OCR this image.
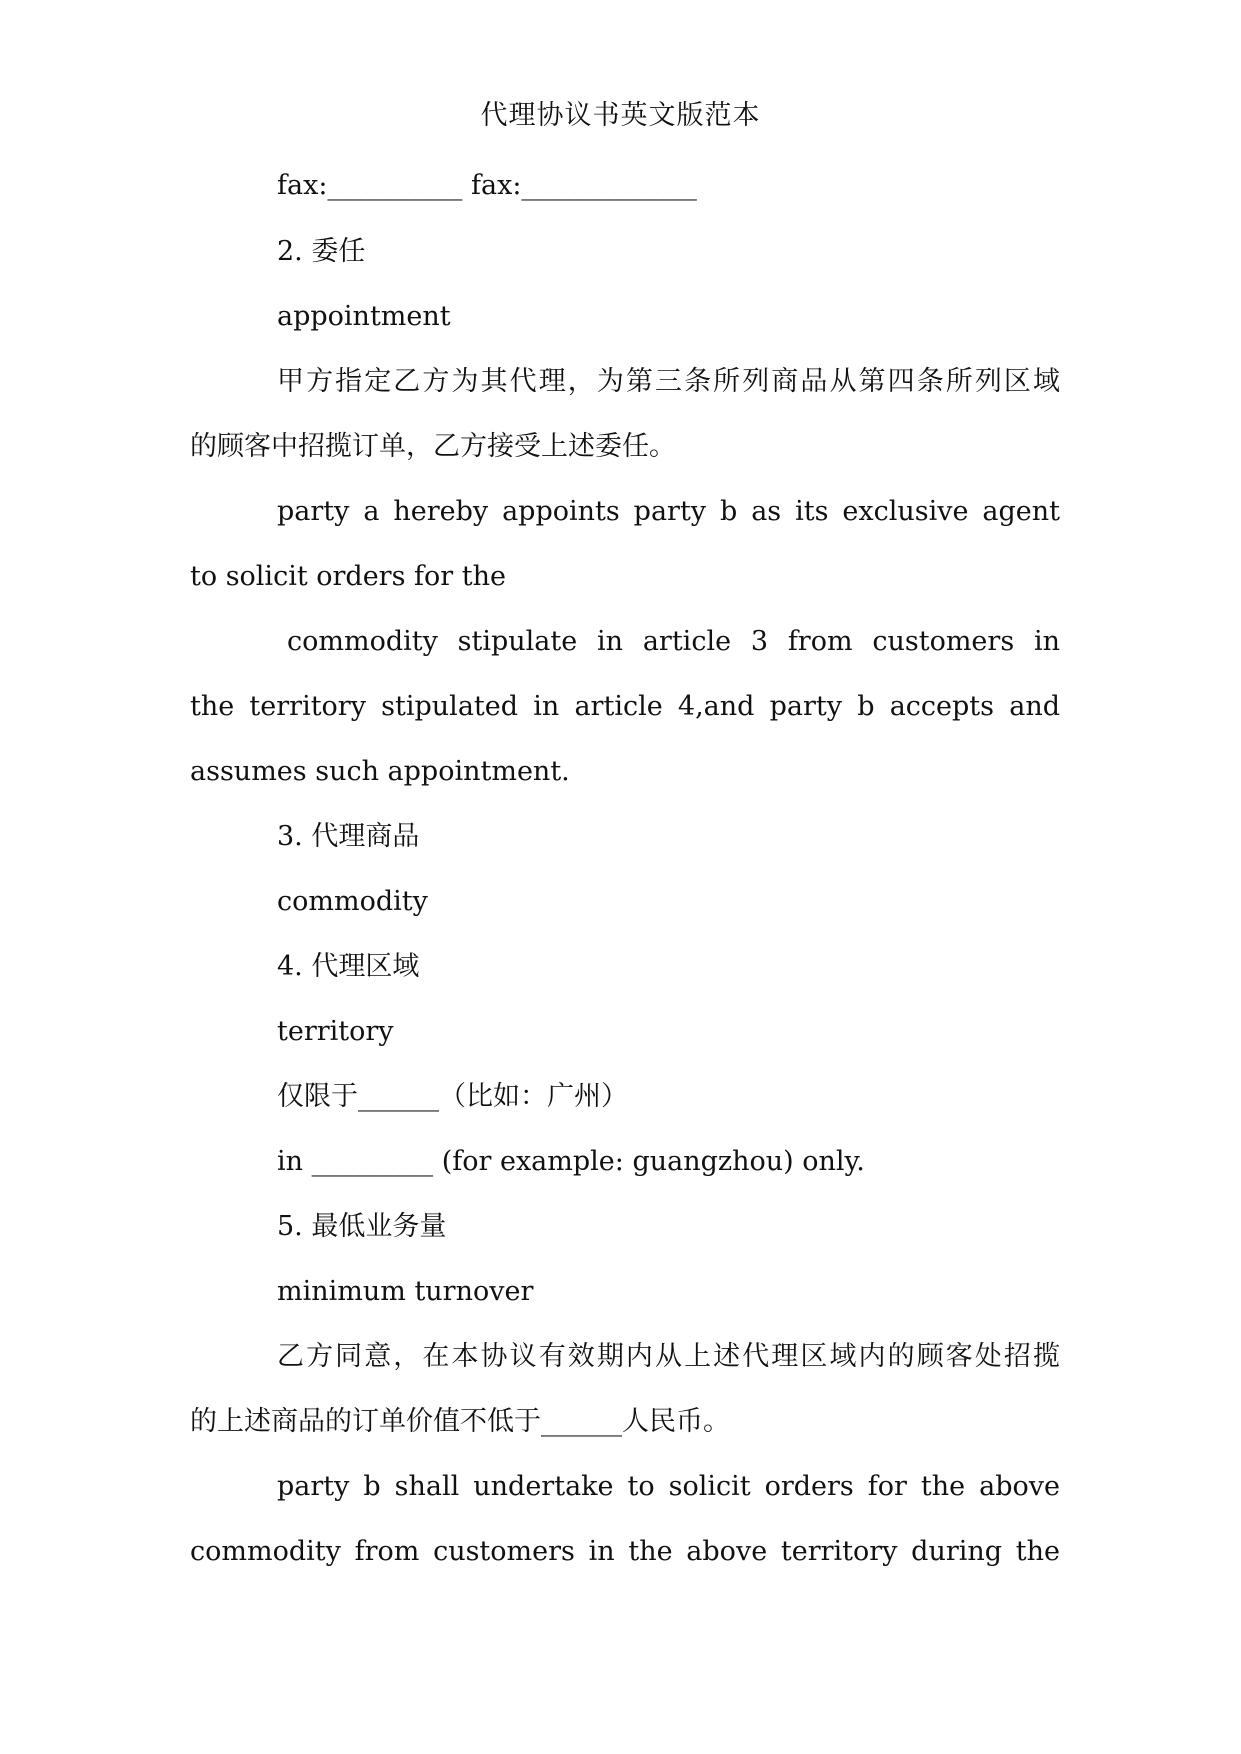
代理协议书英文版范本
fax:__________ fax:_____________
2. 委任
appointment
甲方指定乙方为其代理，为第三条所列商品从第四条所列区域
的顾客中招揽订单，乙方接受上述委任。
party a hereby appoints party b as its exclusive agent
to solicit orders for the
commodity stipulate in article 3 from customers in
the territory stipulated in article 4,and party b accepts and
assumes such appointment.
3. 代理商品
commodity
4. 代理区域
territory
仅限于______（比如：广州）
in _________ (for example: guangzhou) only.
5. 最低业务量
minimum turnover
乙方同意，在本协议有效期内从上述代理区域内的顾客处招揽
的上述商品的订单价值不低于______人民币。
party b shall undertake to solicit orders for the above
commodity from customers in the above territory during the
